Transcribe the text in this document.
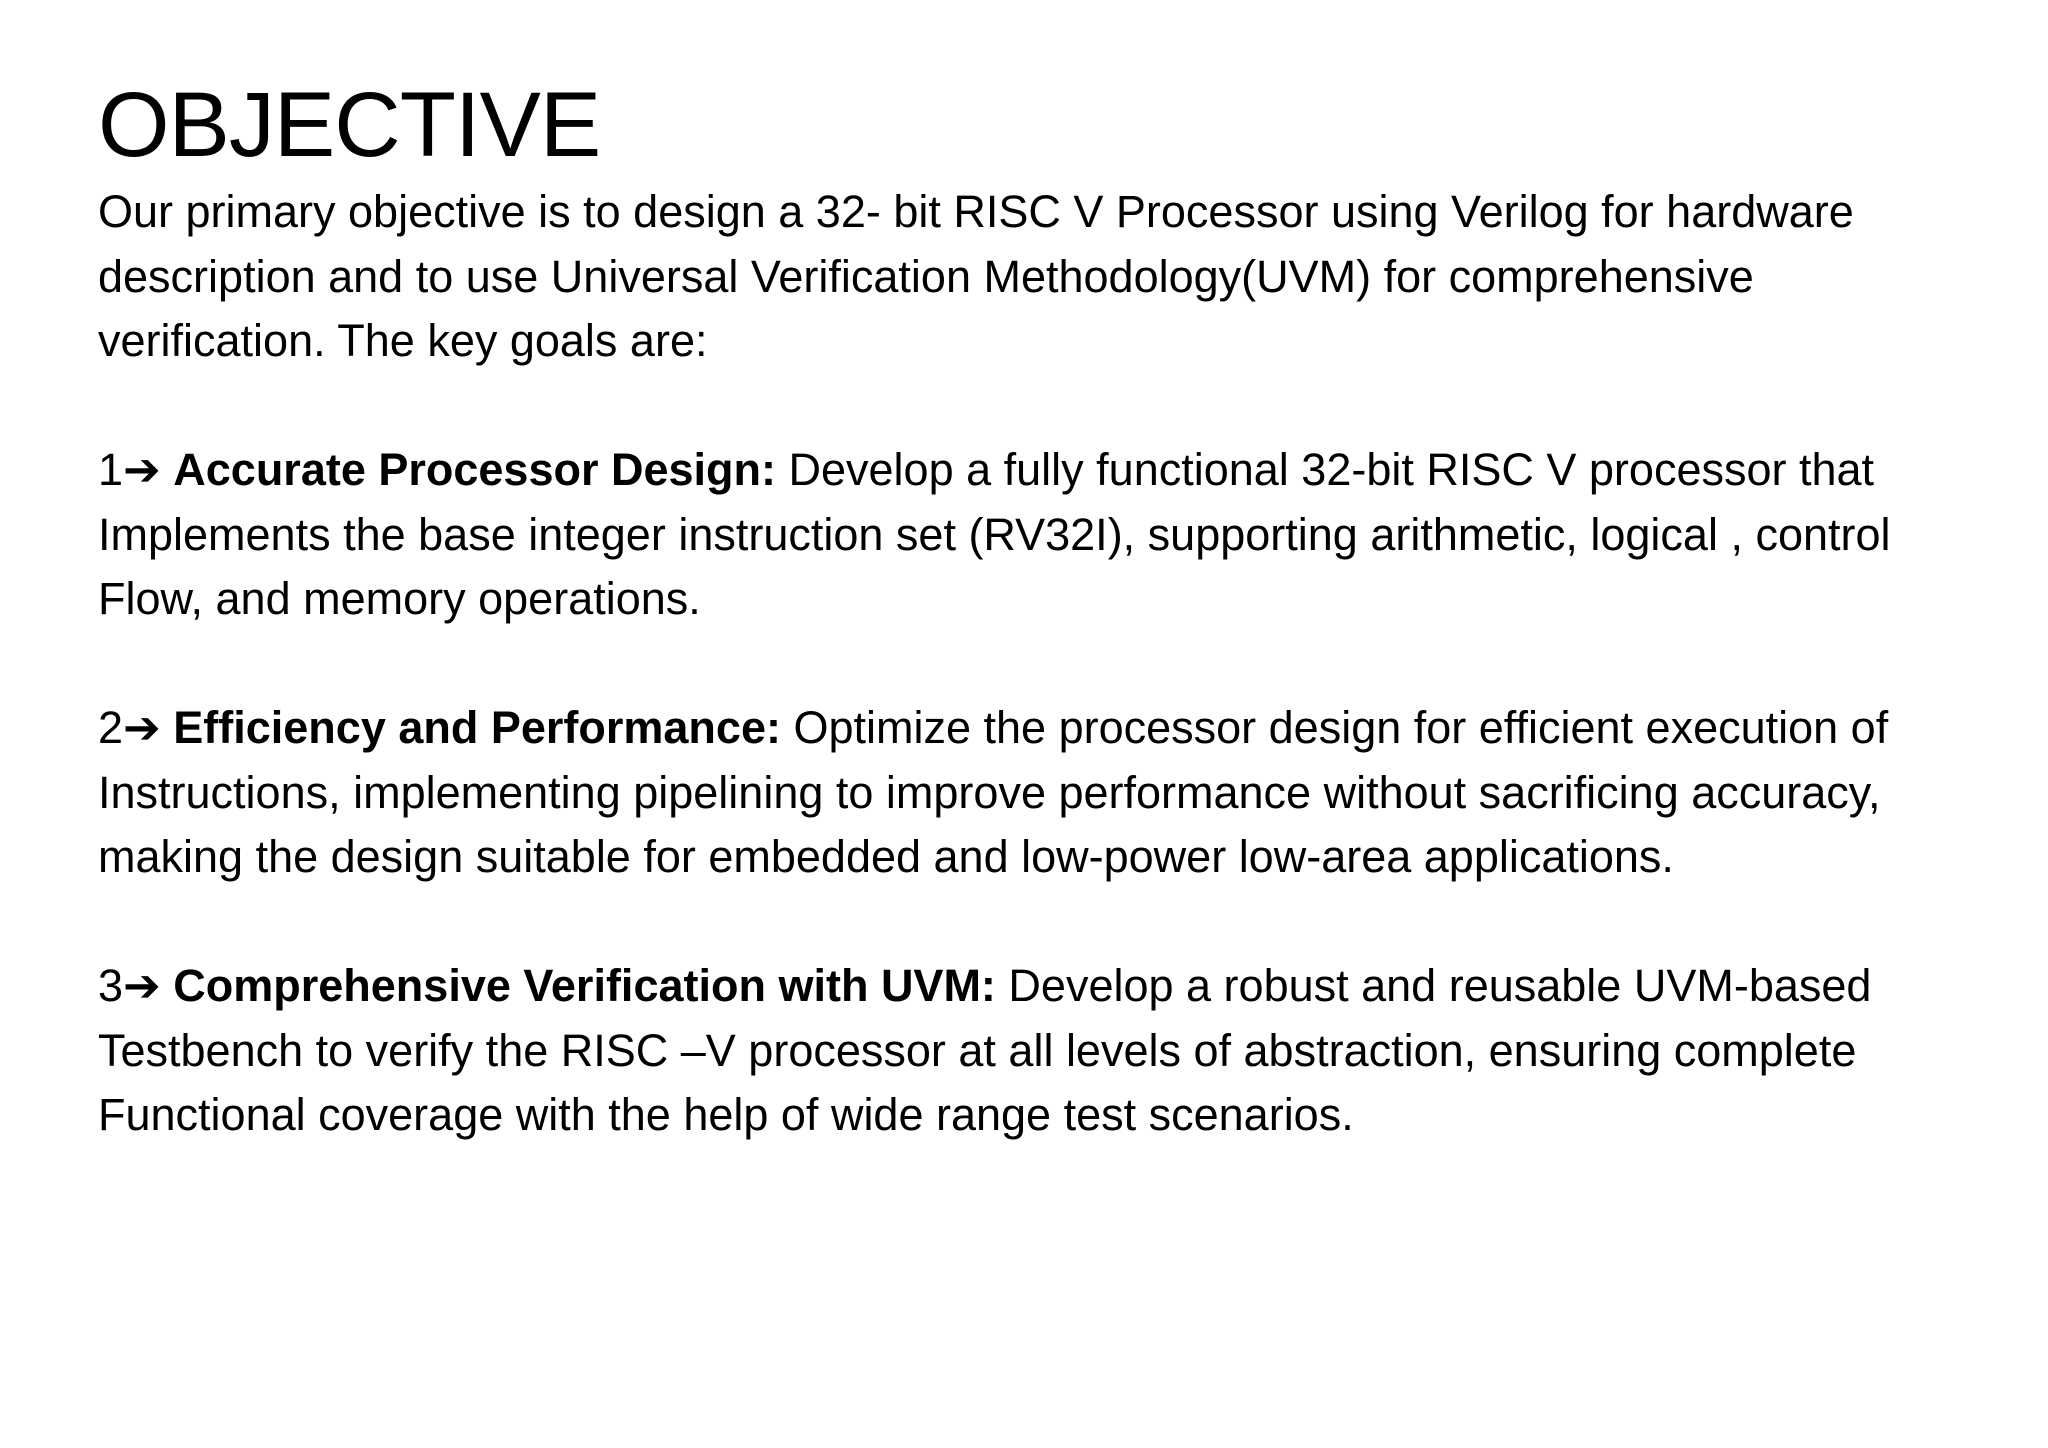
OBJECTIVE
Our primary objective is to design a 32- bit RISC V Processor using Verilog for hardware
description and to use Universal Verification Methodology(UVM) for comprehensive
verification. The key goals are:
1➔ Accurate Processor Design: Develop a fully functional 32-bit RISC V processor that
Implements the base integer instruction set (RV32I), supporting arithmetic, logical , control
Flow, and memory operations.
2➔ Efficiency and Performance: Optimize the processor design for efficient execution of
Instructions, implementing pipelining to improve performance without sacrificing accuracy,
making the design suitable for embedded and low-power low-area applications.
3➔ Comprehensive Verification with UVM: Develop a robust and reusable UVM-based
Testbench to verify the RISC –V processor at all levels of abstraction, ensuring complete
Functional coverage with the help of wide range test scenarios.
